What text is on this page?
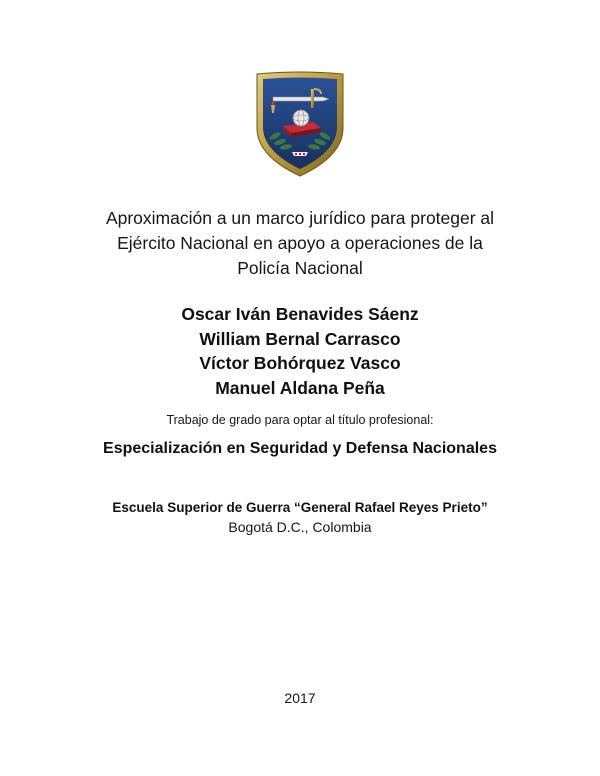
Aproximación a un marco jurídico para proteger al
Ejército Nacional en apoyo a operaciones de la
Policía Nacional
Oscar Iván Benavides Sáenz
William Bernal Carrasco
Víctor Bohórquez Vasco
Manuel Aldana Peña
Trabajo de grado para optar al título profesional:
Especialización en Seguridad y Defensa Nacionales
Escuela Superior de Guerra “General Rafael Reyes Prieto”
Bogotá D.C., Colombia
2017
